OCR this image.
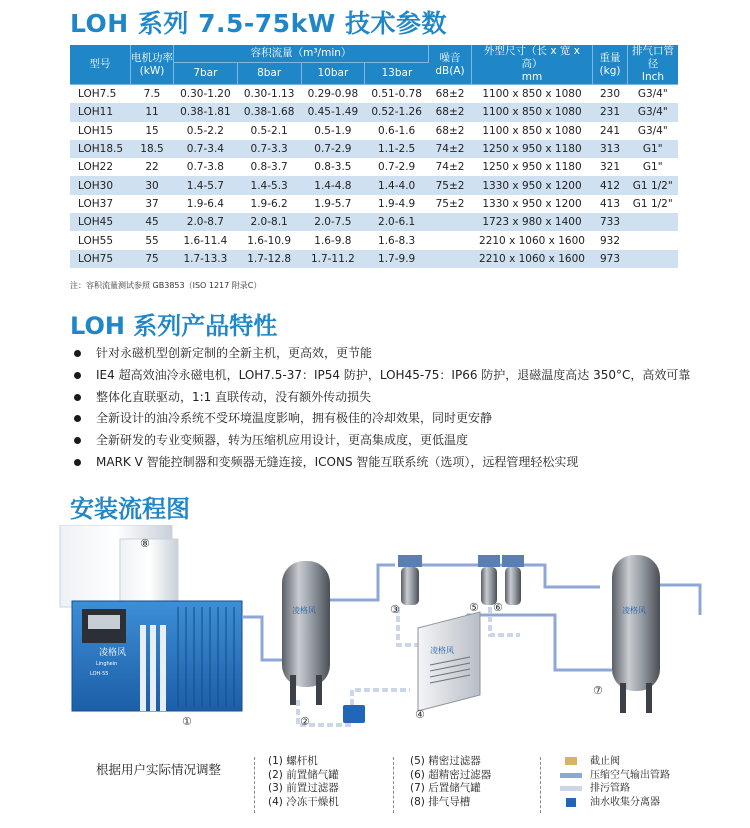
LOH 系列 7.5-75kW 技术参数
型号	电机功率
(kW)	容积流量（m³/min）				噪音
dB(A)	外型尺寸（长 x 宽 x 高）
mm	重量
(kg)	排气口管径
Inch
		7bar	8bar	10bar	13bar				
LOH7.5	7.5	0.30-1.20	0.30-1.13	0.29-0.98	0.51-0.78	68±2	1100 x 850 x 1080	230	G3/4"
LOH11	11	0.38-1.81	0.38-1.68	0.45-1.49	0.52-1.26	68±2	1100 x 850 x 1080	231	G3/4"
LOH15	15	0.5-2.2	0.5-2.1	0.5-1.9	0.6-1.6	68±2	1100 x 850 x 1080	241	G3/4"
LOH18.5	18.5	0.7-3.4	0.7-3.3	0.7-2.9	1.1-2.5	74±2	1250 x 950 x 1180	313	G1"
LOH22	22	0.7-3.8	0.8-3.7	0.8-3.5	0.7-2.9	74±2	1250 x 950 x 1180	321	G1"
LOH30	30	1.4-5.7	1.4-5.3	1.4-4.8	1.4-4.0	75±2	1330 x 950 x 1200	412	G1 1/2"
LOH37	37	1.9-6.4	1.9-6.2	1.9-5.7	1.9-4.9	75±2	1330 x 950 x 1200	413	G1 1/2"
LOH45	45	2.0-8.7	2.0-8.1	2.0-7.5	2.0-6.1		1723 x 980 x 1400	733	
LOH55	55	1.6-11.4	1.6-10.9	1.6-9.8	1.6-8.3		2210 x 1060 x 1600	932	
LOH75	75	1.7-13.3	1.7-12.8	1.7-11.2	1.7-9.9		2210 x 1060 x 1600	973	
注：容积流量测试参照 GB3853（ISO 1217 附录C）
LOH 系列产品特性
针对永磁机型创新定制的全新主机，更高效，更节能
IE4 超高效油冷永磁电机，LOH7.5-37：IP54 防护，LOH45-75：IP66 防护，退磁温度高达 350°C，高效可靠
整体化直联驱动，1:1 直联传动，没有额外传动损失
全新设计的油冷系统不受环境温度影响，拥有极佳的冷却效果，同时更安静
全新研发的专业变频器，转为压缩机应用设计，更高集成度，更低温度
MARK V 智能控制器和变频器无缝连接，ICONS 智能互联系统（选项），远程管理轻松实现
安装流程图
⑧
凌格风
Linghein
LOH-55
①
凌格风
②
③
凌格风
④
⑤ ⑥	凌格风
⑦
根据用户实际情况调整
(1) 螺杆机
(2) 前置储气罐
(3) 前置过滤器
(4) 冷冻干燥机
(5) 精密过滤器
(6) 超精密过滤器
(7) 后置储气罐
(8) 排气导槽
截止阀
压缩空气输出管路
排污管路
油水收集分离器
